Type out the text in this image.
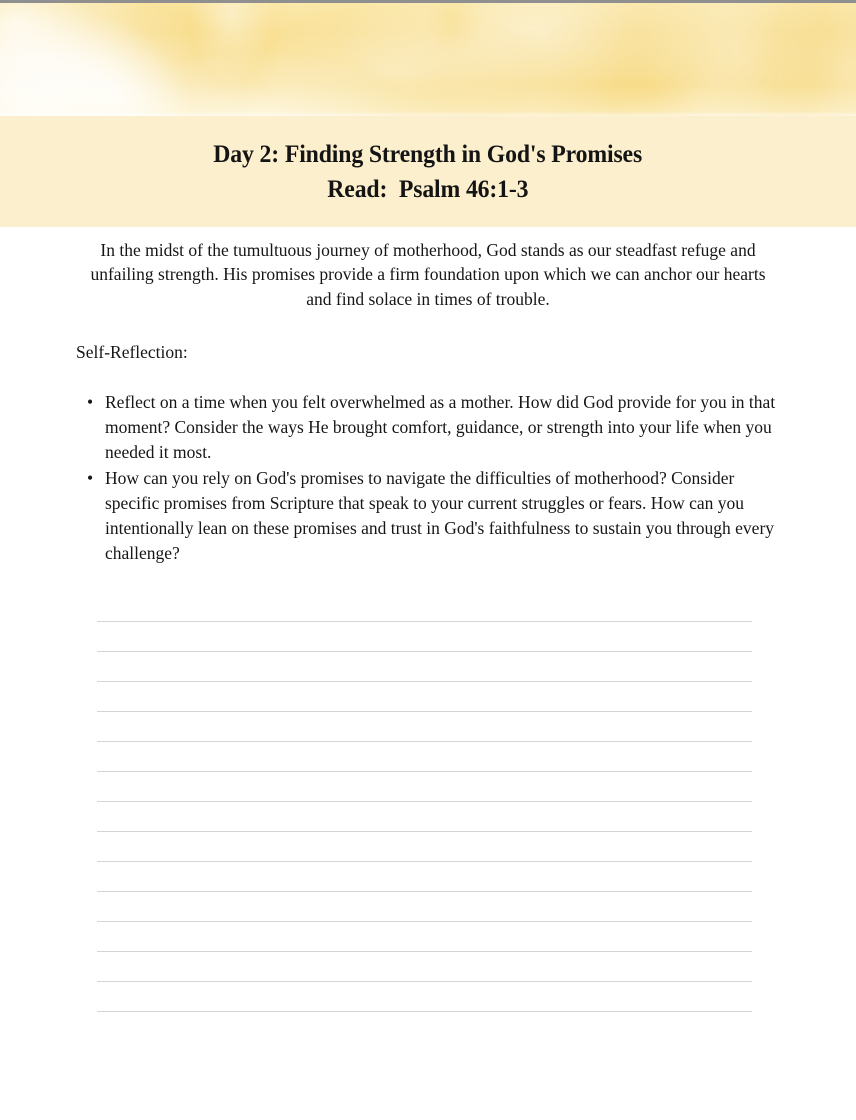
Day 2: Finding Strength in God's Promises
Read:  Psalm 46:1-3
In the midst of the tumultuous journey of motherhood, God stands as our steadfast refuge and unfailing strength. His promises provide a firm foundation upon which we can anchor our hearts and find solace in times of trouble.
Self-Reflection:
• Reflect on a time when you felt overwhelmed as a mother. How did God provide for you in that moment? Consider the ways He brought comfort, guidance, or strength into your life when you needed it most.
• How can you rely on God's promises to navigate the difficulties of motherhood? Consider specific promises from Scripture that speak to your current struggles or fears. How can you intentionally lean on these promises and trust in God's faithfulness to sustain you through every challenge?
